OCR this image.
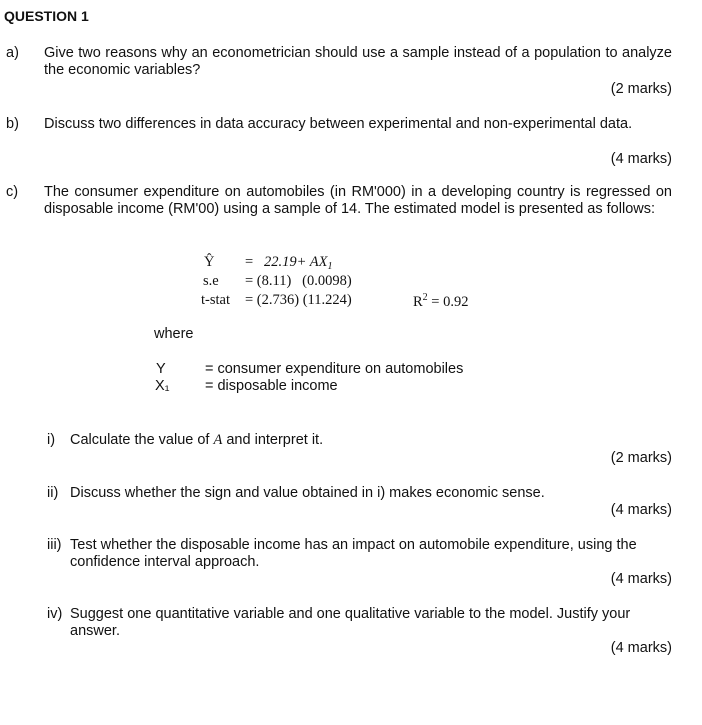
QUESTION 1
a) Give two reasons why an econometrician should use a sample instead of a population to analyze the economic variables?
(2 marks)
b) Discuss two differences in data accuracy between experimental and non-experimental data.
(4 marks)
c) The consumer expenditure on automobiles (in RM'000) in a developing country is regressed on disposable income (RM'00) using a sample of 14. The estimated model is presented as follows:
Ŷ = $22.19+ AX_1$
s.e = (8.11)   (0.0098)
t-stat = (2.736) (11.224)	$R^2 = 0.92$
where
Y	= consumer expenditure on automobiles
X₁ = disposable income
i) Calculate the value of A and interpret it.
(2 marks)
ii) Discuss whether the sign and value obtained in i) makes economic sense.
(4 marks)
iii) Test whether the disposable income has an impact on automobile expenditure, using the confidence interval approach.
(4 marks)
iv) Suggest one quantitative variable and one qualitative variable to the model. Justify your answer.
(4 marks)
